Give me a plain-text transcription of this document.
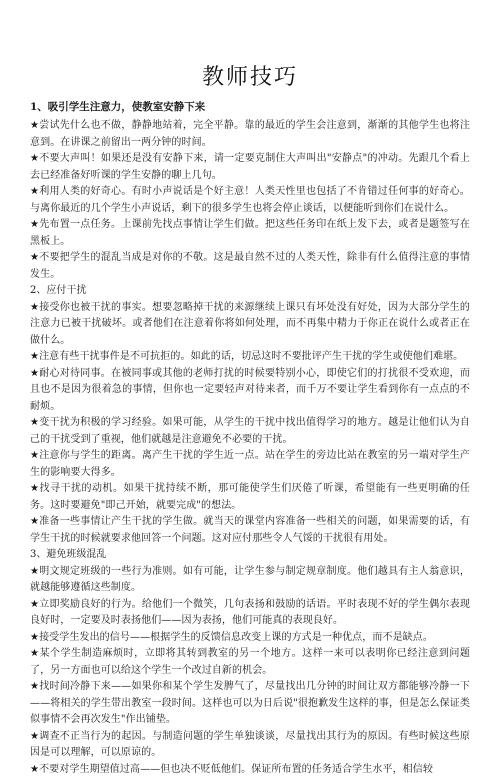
教师技巧
1、吸引学生注意力，使教室安静下来

★尝试先什么也不做，静静地站着，完全平静。靠的最近的学生会注意到，渐渐的其他学生也将注意到。在讲课之前留出一两分钟的时间。

★不要大声叫！如果还是没有安静下来，请一定要克制住大声叫出"安静点"的冲动。先跟几个看上去已经准备好听课的学生安静的聊上几句。

★利用人类的好奇心。有时小声说话是个好主意！人类天性里也包括了不肯错过任何事的好奇心。与离你最近的几个学生小声说话，剩下的很多学生也将会停止谈话，以便能听到你们在说什么。

★先布置一点任务。上课前先找点事情让学生们做。把这些任务印在纸上发下去，或者是题签写在黑板上。

★不要把学生的混乱当成是对你的不敬。这是最自然不过的人类天性，除非有什么值得注意的事情发生。

2、应付干扰

★接受你也被干扰的事实。想要忽略掉干扰的来源继续上课只有坏处没有好处，因为大部分学生的注意力已被干扰破坏。或者他们在注意着你将如何处理，而不再集中精力于你正在说什么或者正在做什么。

★注意有些干扰事件是不可抗拒的。如此的话，切忌这时不要批评产生干扰的学生或使他们难堪。

★耐心对待同事。在被同事或其他的老师打扰的时候要特别小心，即使它们的打扰很不受欢迎，而且也不是因为很着急的事情，但你也一定要轻声对待来者，而千万不要让学生看到你有一点点的不耐烦。

★变干扰为积极的学习经验。如果可能，从学生的干扰中找出值得学习的地方。越是让他们认为自己的干扰受到了重视，他们就越是注意避免不必要的干扰。

★注意你与学生的距离。离产生干扰的学生近一点。站在学生的旁边比站在教室的另一端对学生产生的影响要大得多。

★找寻干扰的动机。如果干扰持续不断，那可能使学生们厌倦了听课，希望能有一些更明确的任务。这时要避免"即己开始，就要完成"的想法。

★准备一些事情让产生干扰的学生做。就当天的课堂内容准备一些相关的问题，如果需要的话，有学生干扰的时候就要求他回答一个问题。这对应付那些令人气馁的干扰很有用处。

3、避免班级混乱

★明文规定班级的一些行为准则。如有可能，让学生参与制定规章制度。他们越具有主人翁意识，就越能够遵循这些制度。

★立即奖励良好的行为。给他们一个微笑，几句表扬和鼓励的话语。平时表现不好的学生偶尔表现良好时，一定要及时表扬他们——因为表扬，他们可能真的表现良好。

★接受学生发出的信号——根据学生的反馈信息改变上课的方式是一种优点，而不是缺点。

★某个学生制造麻烦时，立即将其转到教室的另一个地方。这样一来可以表明你已经注意到问题了，另一方面也可以给这个学生一个改过自新的机会。

★找时间冷静下来——如果你和某个学生发脾气了，尽量找出几分钟的时间让双方都能够冷静一下——将相关的学生带出教室一段时间。这样也可以为日后说"很抱歉发生这样的事，但是怎么保证类似事情不会再次发生"作出铺垫。

★调查不正当行为的起因。与制造问题的学生单独谈谈，尽量找出其行为的原因。有些时候这些原因是可以理解，可以原谅的。

★不要对学生期望值过高——但也决不贬低他们。保证所布置的任务适合学生水平，相信较
